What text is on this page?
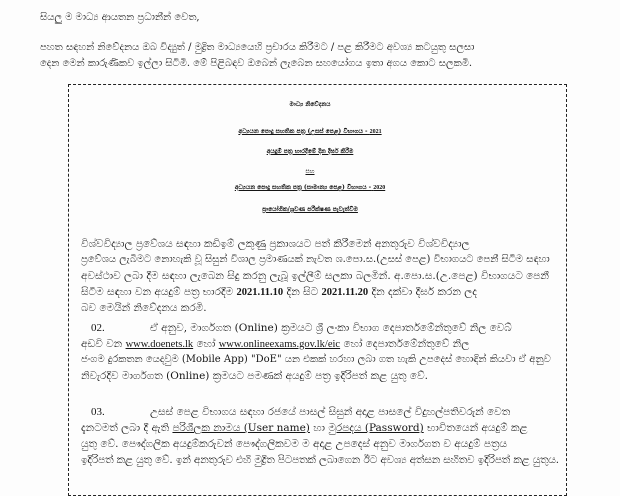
සියලු ම මාධ්‍ය ආයතන ප්‍රධානීන් වෙත,
පහත සඳහන් නිවේදනය ඔබ විද්‍යුත් / මුද්‍රිත මාධ්‍යයෙහි ප්‍රචාරය කිරීමට / පළ කිරීමට අවශ්‍ය කටයුතු සලසා
දෙන මෙන් කාරුණිකව ඉල්ලා සිටිමි. මේ පිළිබඳව ඔබෙන් ලැබෙන සහයෝගය ඉතා අගය කොට සලකමි.
මාධ්‍ය නිවේදනය
අධ්‍යයන පොදු සහතික පත්‍ර (උසස් පෙළ) විභාගය - 2021
අයදුම් පත්‍ර භාරදීමේ දින දීර්ඝ කිරීම
සහ
අධ්‍යයන පොදු සහතික පත්‍ර (සාමාන්‍ය පෙළ) විභාගය - 2020
ප්‍රායෝගික/ශ්‍රවණ පරීක්ෂණ පැවැත්වීම
විශ්වවිද්‍යාල ප්‍රවේශය සඳහා කඩිඉම් ලකුණු ප්‍රකාශයට පත් කිරීමෙන් අනතුරුව විශ්වවිද්‍යාල
ප්‍රවේශය ලැබීමට නොහැකි වූ සිසුන් විශාල ප්‍රමාණයක් නැවත ශ.පො.ස.(උසස් පෙළ) විභාගයට පෙනී සිටීම සඳහා
අවස්ථාව ලබා දීම සඳහා ලැබෙන සිදු කරනු ලැබූ ඉල්ලීම් සලකා බලමින්. අ.පො.ස.(උ.පෙළ) විභාගයට පෙනී
සිටීම සඳහා වන අයදුම් පත්‍ර භාරදීම 2021.11.10 දින සිට 2021.11.20 දින දක්වා දීර්ඝ කරන ලද
බව මෙයින් නිවේදනය කරමි.
02.	ඒ අනුව, මාර්ගගත (Online) ක්‍රමයට ශ්‍රී ලංකා විභාග දෙපාර්තමේන්තුවේ නිල වෙබ්
අඩවි වන www.doenets.lk හෝ www.onlineexams.gov.lk/eic හෝ දෙපාර්තමේන්තුවේ නිල
ජංගම දුරකතන යෙදවුම (Mobile App) "DoE" යන එකක් හරහා ලබා ගත හැකි උපදෙස් හොඳින් කියවා ඒ අනුව
නිවැරදිව මාර්ගගත (Online) ක්‍රමයට පමණක් අයදුම් පත්‍ර ඉදිරිපත් කළ යුතු වේ.
03.	උසස් පෙළ විභාගය සඳහා රජයේ පාසල් සිසුන් අදාළ පාසලේ විදුහල්පතිවරුන් වෙත
දැනටමත් ලබා දී ඇති පරිශීලක නාමය (User name) හා මුරපදය (Password) භාවිතයෙන් අයදුම් කළ
යුතු වේ. පෞද්ගලික අයදුම්කරුවන් පෞද්ගලිකවම ම අදාළ උපදෙස් අනුව මාර්ගගත ව අයදුම් පත්‍රය
ඉදිරිපත් කළ යුතු වේ. ඉන් අනතුරුව එහි මුද්‍රිත පිටපතක් ලබාගෙන ඊට අවශ්‍ය අත්සන සහිතව ඉදිරිපත් කළ යුතුය.
